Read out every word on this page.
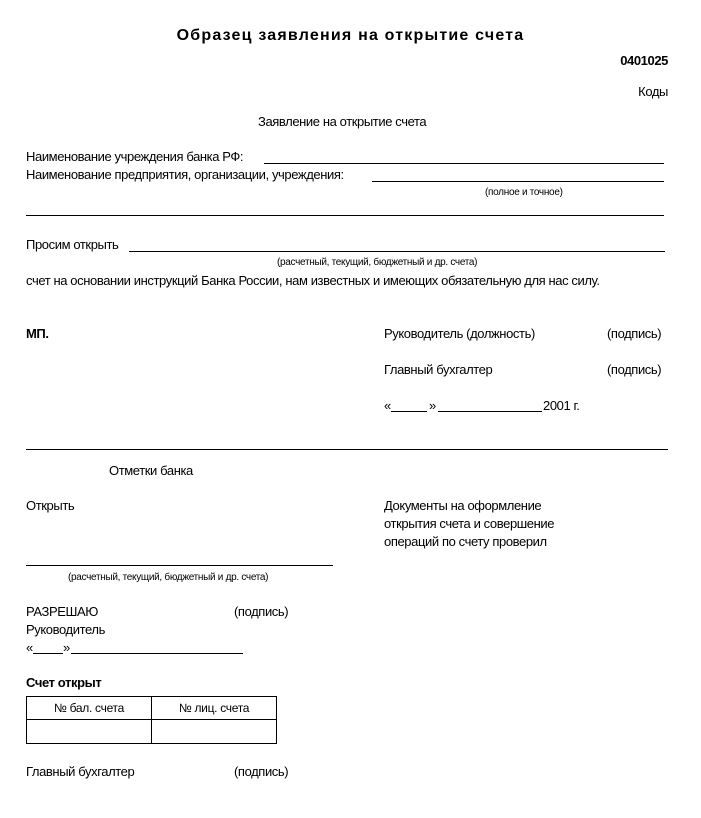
Образец заявления на открытие счета
0401025
Коды
Заявление на открытие счета
Наименование учреждения банка РФ:
Наименование предприятия, организации, учреждения:
(полное и точное)
Просим открыть
(расчетный, текущий, бюджетный и др. счета)
счет на основании инструкций Банка России, нам известных и имеющих обязательную для нас силу.
МП.	Руководитель (должность)	(подпись)
Главный бухгалтер	(подпись)
«	»	2001 г.
Отметки банка
Открыть	Документы на оформление
открытия счета и совершение
операций по счету проверил
(расчетный, текущий, бюджетный и др. счета)
РАЗРЕШАЮ	(подпись)
Руководитель
« »
Счет открыт
№ бал. счета	№ лиц. счета

Главный бухгалтер	(подпись)
